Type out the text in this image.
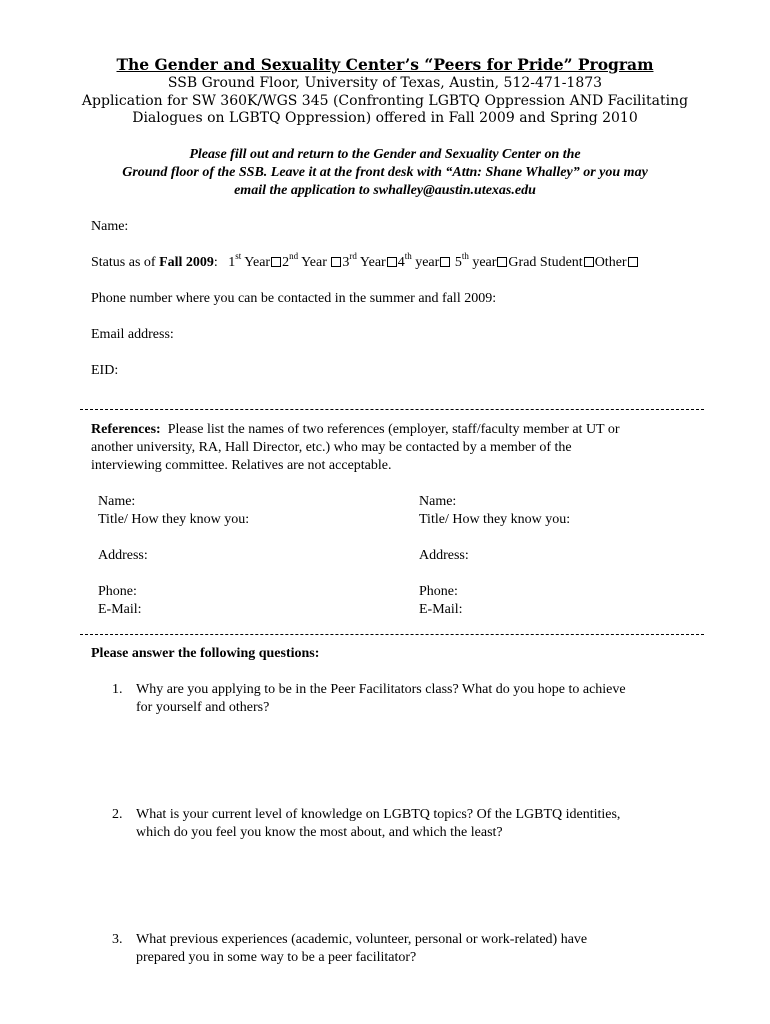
The Gender and Sexuality Center’s “Peers for Pride” Program
SSB Ground Floor, University of Texas, Austin, 512-471-1873
Application for SW 360K/WGS 345 (Confronting LGBTQ Oppression AND Facilitating
Dialogues on LGBTQ Oppression) offered in Fall 2009 and Spring 2010
Please fill out and return to the Gender and Sexuality Center on the
Ground floor of the SSB. Leave it at the front desk with “Attn: Shane Whalley” or you may
email the application to swhalley@austin.utexas.edu
Name:
Status as of Fall 2009: 1st Year 2nd Year 3rd Year 4th year 5th year Grad Student Other
Phone number where you can be contacted in the summer and fall 2009:
Email address:
EID:
References: Please list the names of two references (employer, staff/faculty member at UT or
another university, RA, Hall Director, etc.) who may be contacted by a member of the
interviewing committee. Relatives are not acceptable.
Name:
Title/ How they know you:
Address:
Phone:
E-Mail:
Name:
Title/ How they know you:
Address:
Phone:
E-Mail:
Please answer the following questions:
1. Why are you applying to be in the Peer Facilitators class? What do you hope to achieve
for yourself and others?
2. What is your current level of knowledge on LGBTQ topics? Of the LGBTQ identities,
which do you feel you know the most about, and which the least?
3. What previous experiences (academic, volunteer, personal or work-related) have
prepared you in some way to be a peer facilitator?
